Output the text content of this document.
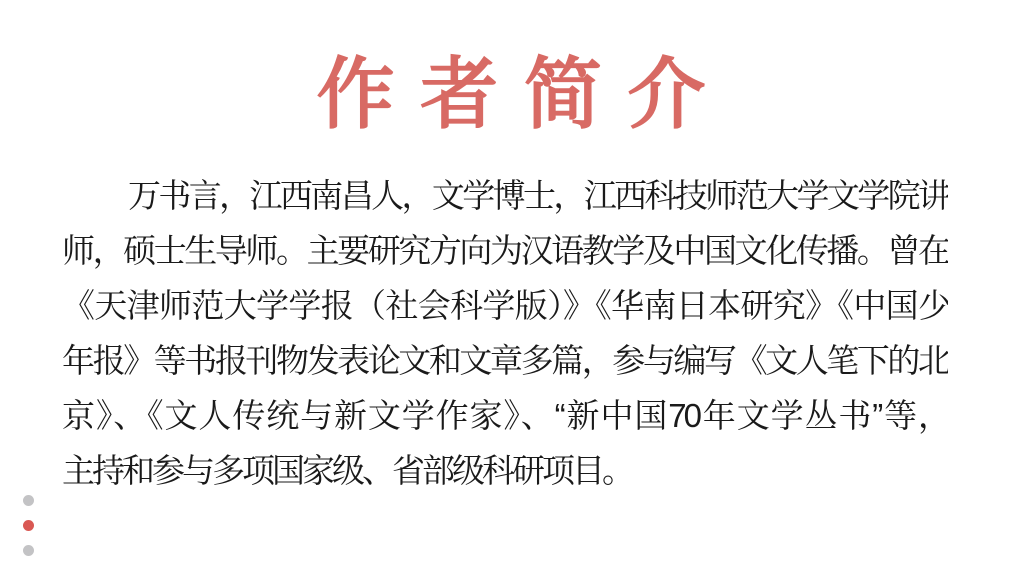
作 者 简 介
万书言，江西南昌人，文学博士，江西科技师范大学文学院讲
师，硕士生导师。主要研究方向为汉语教学及中国文化传播。曾在
《天津师范大学学报（社会科学版）》《华南日本研究》《中国少
年报》等书报刊物发表论文和文章多篇，参与编写《文人笔下的北
京》、《文人传统与新文学作家》、“新中国70年文学丛书”等，
主持和参与多项国家级、省部级科研项目。
